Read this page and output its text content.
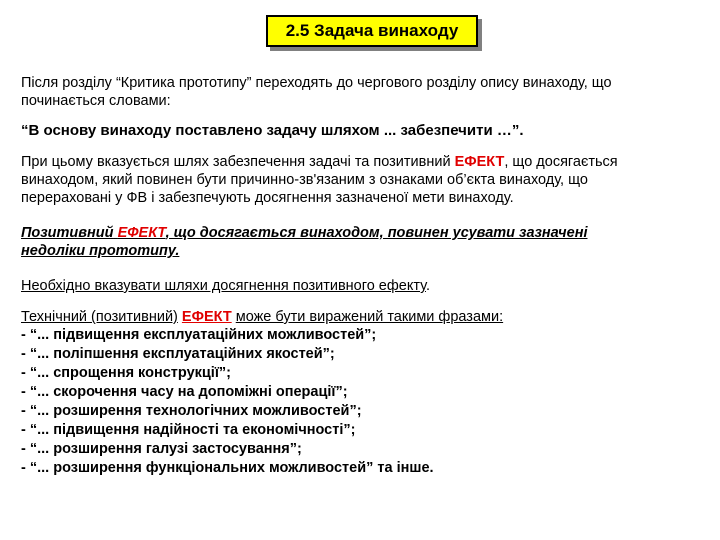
2.5 Задача винаходу

Після розділу “Критика прототипу” переходять до чергового розділу опису винаходу, що
починається словами:

“В основу винаходу поставлено задачу шляхом ... забезпечити …”.

При цьому вказується шлях забезпечення задачі та позитивний ЕФЕКТ, що досягається
винаходом, який повинен бути причинно-зв'язаним з ознаками об’єкта винаходу, що
перераховані у ФВ і забезпечують досягнення зазначеної мети винаходу.

Позитивний ЕФЕКТ, що досягається винаходом, повинен усувати зазначені
недоліки прототипу.

Необхідно вказувати шляхи досягнення позитивного ефекту.

Технічний (позитивний) ЕФЕКТ може бути виражений такими фразами:

- “... підвищення експлуатаційних можливостей”;
- “... поліпшення експлуатаційних якостей”;
- “... спрощення конструкції”;
- “... скорочення часу на допоміжні операції”;
- “... розширення технологічних можливостей”;
- “... підвищення надійності та економічності”;
- “... розширення галузі застосування”;
- “... розширення функціональних можливостей” та інше.
